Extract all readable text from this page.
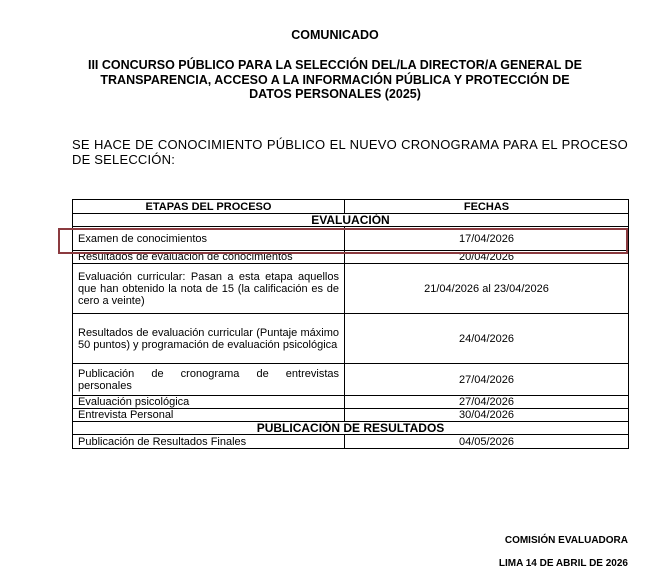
COMUNICADO
III CONCURSO PÚBLICO PARA LA SELECCIÓN DEL/LA DIRECTOR/A GENERAL DE
TRANSPARENCIA, ACCESO A LA INFORMACIÓN PÚBLICA Y PROTECCIÓN DE
DATOS PERSONALES (2025)
SE HACE DE CONOCIMIENTO PÚBLICO EL NUEVO CRONOGRAMA PARA EL PROCESO DE SELECCIÓN:
ETAPAS DEL PROCESO	FECHAS
EVALUACIÓN	
Examen de conocimientos	17/04/2026
Resultados de evaluación de conocimientos	20/04/2026
Evaluación curricular: Pasan a esta etapa aquellos que han obtenido la nota de 15 (la calificación es de cero a veinte)	21/04/2026 al 23/04/2026
Resultados de evaluación curricular (Puntaje máximo 50 puntos) y programación de evaluación psicológica	24/04/2026
Publicación de cronograma de entrevistas personales	27/04/2026
Evaluación psicológica	27/04/2026
Entrevista Personal	30/04/2026
PUBLICACIÓN DE RESULTADOS	
Publicación de Resultados Finales	04/05/2026
COMISIÓN EVALUADORA
LIMA 14 DE ABRIL DE 2026
